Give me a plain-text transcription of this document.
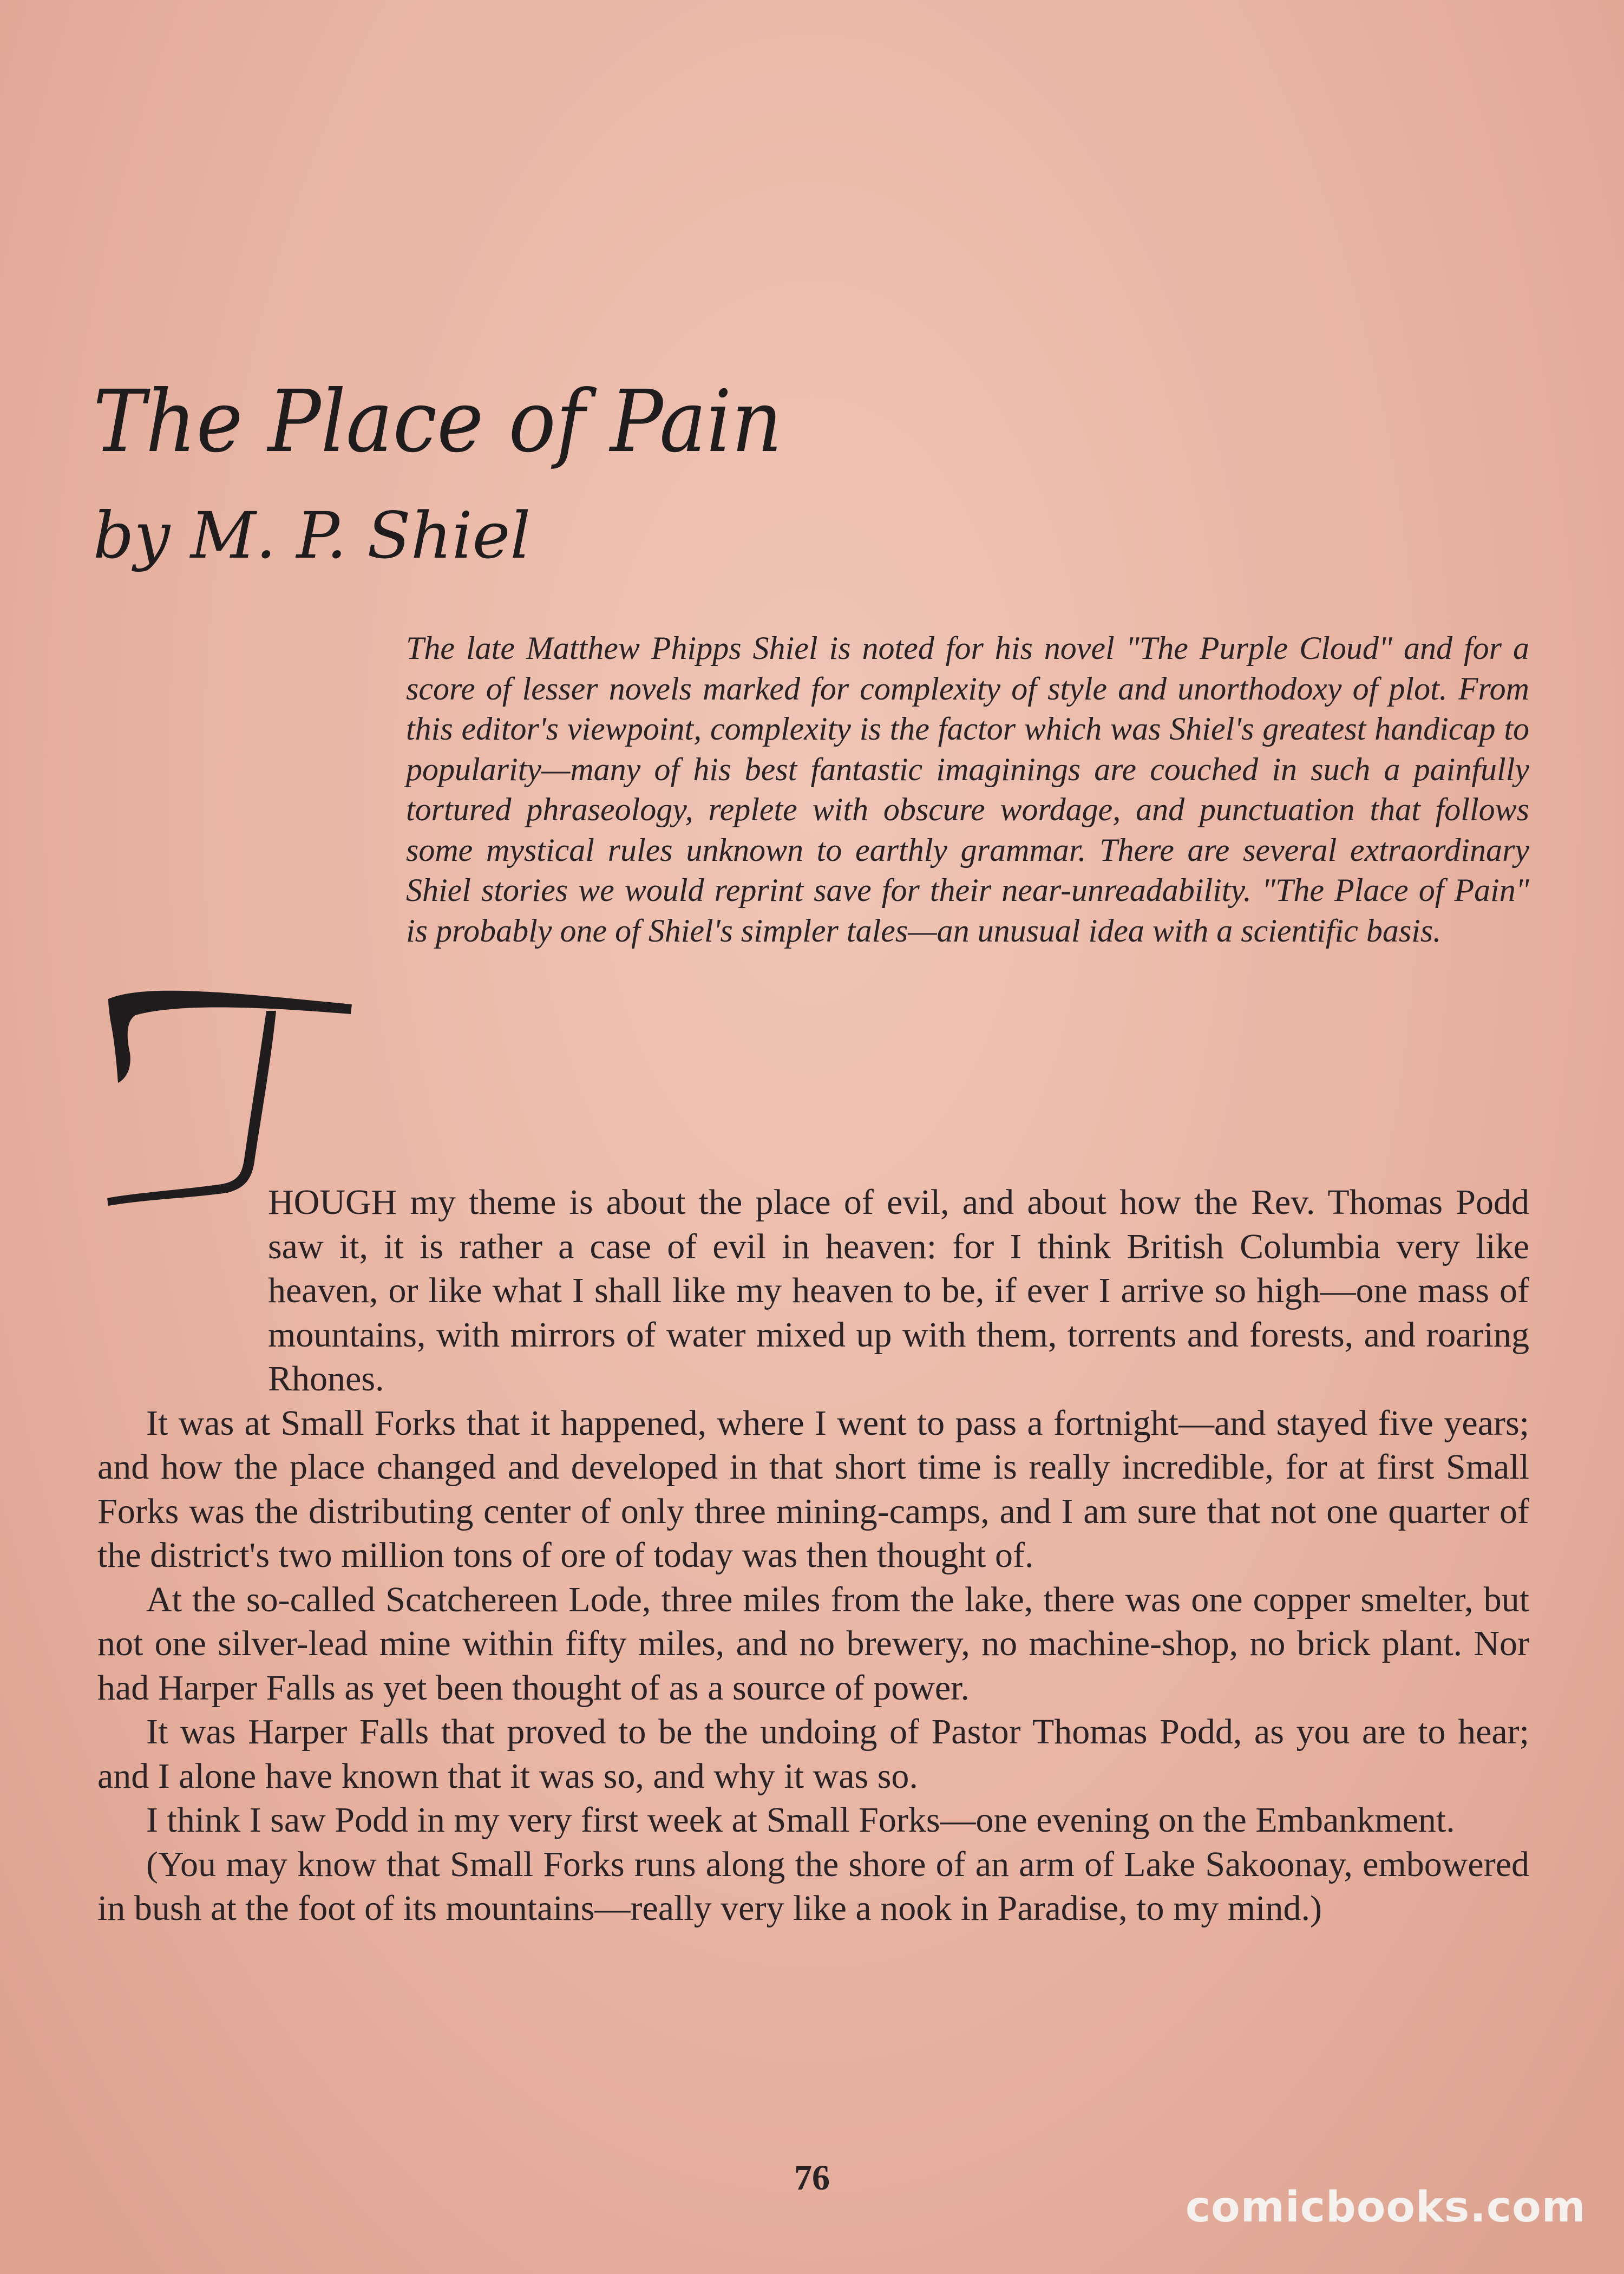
The Place of Pain
by M. P. Shiel

The late Matthew Phipps Shiel is noted for his novel "The Purple Cloud" and for a score of lesser novels marked for complexity of style and unorthodoxy of plot. From this editor's viewpoint, complexity is the factor which was Shiel's greatest handicap to popularity—many of his best fantastic imaginings are couched in such a painfully tortured phraseology, replete with obscure wordage, and punctuation that follows some mystical rules unknown to earthly grammar. There are several extraordinary Shiel stories we would reprint save for their near-unreadability. "The Place of Pain" is probably one of Shiel's simpler tales—an unusual idea with a scientific basis.

HOUGH my theme is about the place of evil, and about how the Rev. Thomas Podd saw it, it is rather a case of evil in heaven: for I think British Columbia very like heaven, or like what I shall like my heaven to be, if ever I arrive so high—one mass of mountains, with mirrors of water mixed up with them, torrents and forests, and roaring Rhones.

It was at Small Forks that it happened, where I went to pass a fortnight—and stayed five years; and how the place changed and developed in that short time is really incredible, for at first Small Forks was the distributing center of only three mining-camps, and I am sure that not one quarter of the district's two million tons of ore of today was then thought of.

At the so-called Scatchereen Lode, three miles from the lake, there was one copper smelter, but not one silver-lead mine within fifty miles, and no brewery, no machine-shop, no brick plant. Nor had Harper Falls as yet been thought of as a source of power.

It was Harper Falls that proved to be the undoing of Pastor Thomas Podd, as you are to hear; and I alone have known that it was so, and why it was so.

I think I saw Podd in my very first week at Small Forks—one evening on the Embankment.

(You may know that Small Forks runs along the shore of an arm of Lake Sakoonay, embowered in bush at the foot of its mountains—really very like a nook in Paradise, to my mind.)

76
comicbooks.com
